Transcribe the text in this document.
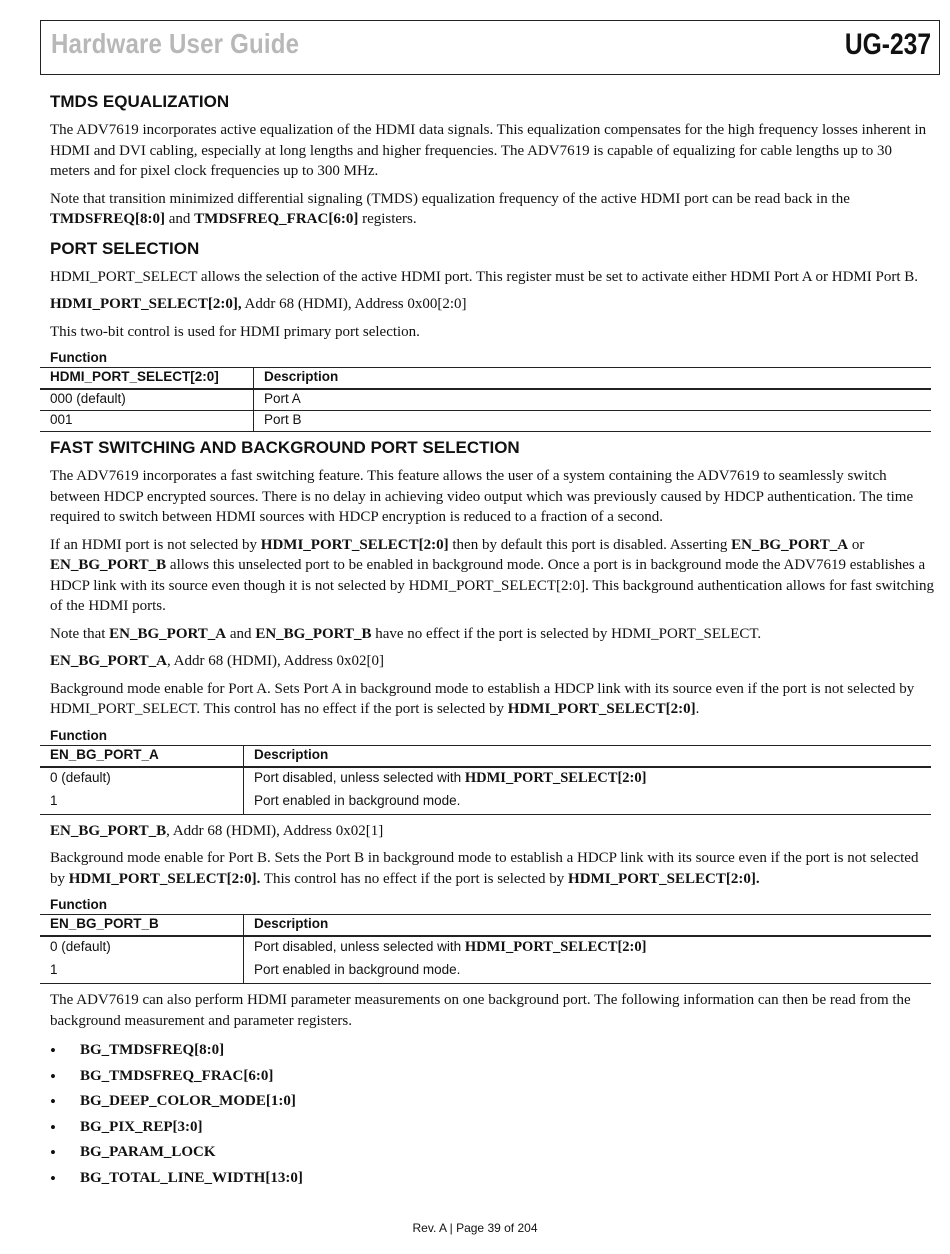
Hardware User Guide	UG-237
TMDS EQUALIZATION

The ADV7619 incorporates active equalization of the HDMI data signals. This equalization compensates for the high frequency losses inherent in HDMI and DVI cabling, especially at long lengths and higher frequencies. The ADV7619 is capable of equalizing for cable lengths up to 30 meters and for pixel clock frequencies up to 300 MHz.

Note that transition minimized differential signaling (TMDS) equalization frequency of the active HDMI port can be read back in the TMDSFREQ[8:0] and TMDSFREQ_FRAC[6:0] registers.

PORT SELECTION

HDMI_PORT_SELECT allows the selection of the active HDMI port. This register must be set to activate either HDMI Port A or HDMI Port B.

HDMI_PORT_SELECT[2:0], Addr 68 (HDMI), Address 0x00[2:0]

This two-bit control is used for HDMI primary port selection.

Function
HDMI_PORT_SELECT[2:0]	Description
000 (default)	Port A
001	Port B
FAST SWITCHING AND BACKGROUND PORT SELECTION

The ADV7619 incorporates a fast switching feature. This feature allows the user of a system containing the ADV7619 to seamlessly switch between HDCP encrypted sources. There is no delay in achieving video output which was previously caused by HDCP authentication. The time required to switch between HDMI sources with HDCP encryption is reduced to a fraction of a second.

If an HDMI port is not selected by HDMI_PORT_SELECT[2:0] then by default this port is disabled. Asserting EN_BG_PORT_A or EN_BG_PORT_B allows this unselected port to be enabled in background mode. Once a port is in background mode the ADV7619 establishes a HDCP link with its source even though it is not selected by HDMI_PORT_SELECT[2:0]. This background authentication allows for fast switching of the HDMI ports.

Note that EN_BG_PORT_A and EN_BG_PORT_B have no effect if the port is selected by HDMI_PORT_SELECT.

EN_BG_PORT_A, Addr 68 (HDMI), Address 0x02[0]

Background mode enable for Port A. Sets Port A in background mode to establish a HDCP link with its source even if the port is not selected by HDMI_PORT_SELECT. This control has no effect if the port is selected by HDMI_PORT_SELECT[2:0].

Function
EN_BG_PORT_A	Description
0 (default)	Port disabled, unless selected with HDMI_PORT_SELECT[2:0]
1	Port enabled in background mode.

EN_BG_PORT_B, Addr 68 (HDMI), Address 0x02[1]

Background mode enable for Port B. Sets the Port B in background mode to establish a HDCP link with its source even if the port is not selected by HDMI_PORT_SELECT[2:0]. This control has no effect if the port is selected by HDMI_PORT_SELECT[2:0].

Function
EN_BG_PORT_B	Description
0 (default)	Port disabled, unless selected with HDMI_PORT_SELECT[2:0]
1	Port enabled in background mode.

The ADV7619 can also perform HDMI parameter measurements on one background port. The following information can then be read from the background measurement and parameter registers.

• BG_TMDSFREQ[8:0]
• BG_TMDSFREQ_FRAC[6:0]
• BG_DEEP_COLOR_MODE[1:0]
• BG_PIX_REP[3:0]
• BG_PARAM_LOCK
• BG_TOTAL_LINE_WIDTH[13:0]
Rev. A | Page 39 of 204
